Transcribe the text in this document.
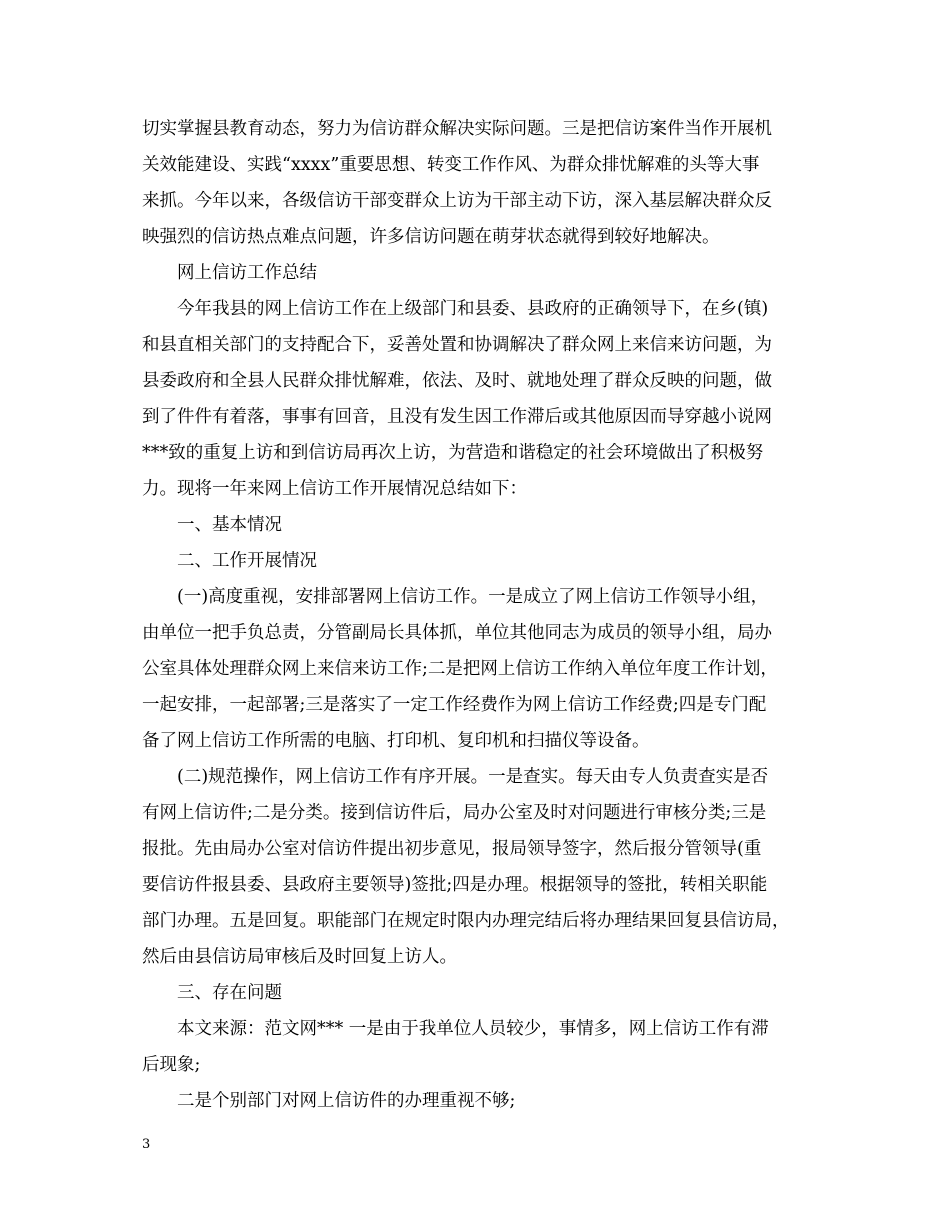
切实掌握县教育动态，努力为信访群众解决实际问题。三是把信访案件当作开展机
关效能建设、实践“xxxx”重要思想、转变工作作风、为群众排忧解难的头等大事
来抓。今年以来，各级信访干部变群众上访为干部主动下访，深入基层解决群众反
映强烈的信访热点难点问题，许多信访问题在萌芽状态就得到较好地解决。
网上信访工作总结
今年我县的网上信访工作在上级部门和县委、县政府的正确领导下，在乡(镇)
和县直相关部门的支持配合下，妥善处置和协调解决了群众网上来信来访问题，为
县委政府和全县人民群众排忧解难，依法、及时、就地处理了群众反映的问题，做
到了件件有着落，事事有回音，且没有发生因工作滞后或其他原因而导穿越小说网
***致的重复上访和到信访局再次上访，为营造和谐稳定的社会环境做出了积极努
力。现将一年来网上信访工作开展情况总结如下：
一、基本情况
二、工作开展情况
(一)高度重视，安排部署网上信访工作。一是成立了网上信访工作领导小组，
由单位一把手负总责，分管副局长具体抓，单位其他同志为成员的领导小组，局办
公室具体处理群众网上来信来访工作;二是把网上信访工作纳入单位年度工作计划，
一起安排，一起部署;三是落实了一定工作经费作为网上信访工作经费;四是专门配
备了网上信访工作所需的电脑、打印机、复印机和扫描仪等设备。
(二)规范操作，网上信访工作有序开展。一是查实。每天由专人负责查实是否
有网上信访件;二是分类。接到信访件后，局办公室及时对问题进行审核分类;三是
报批。先由局办公室对信访件提出初步意见，报局领导签字，然后报分管领导(重
要信访件报县委、县政府主要领导)签批;四是办理。根据领导的签批，转相关职能
部门办理。五是回复。职能部门在规定时限内办理完结后将办理结果回复县信访局，
然后由县信访局审核后及时回复上访人。
三、存在问题
本文来源：范文网*** 一是由于我单位人员较少，事情多，网上信访工作有滞
后现象;
二是个别部门对网上信访件的办理重视不够;
3
